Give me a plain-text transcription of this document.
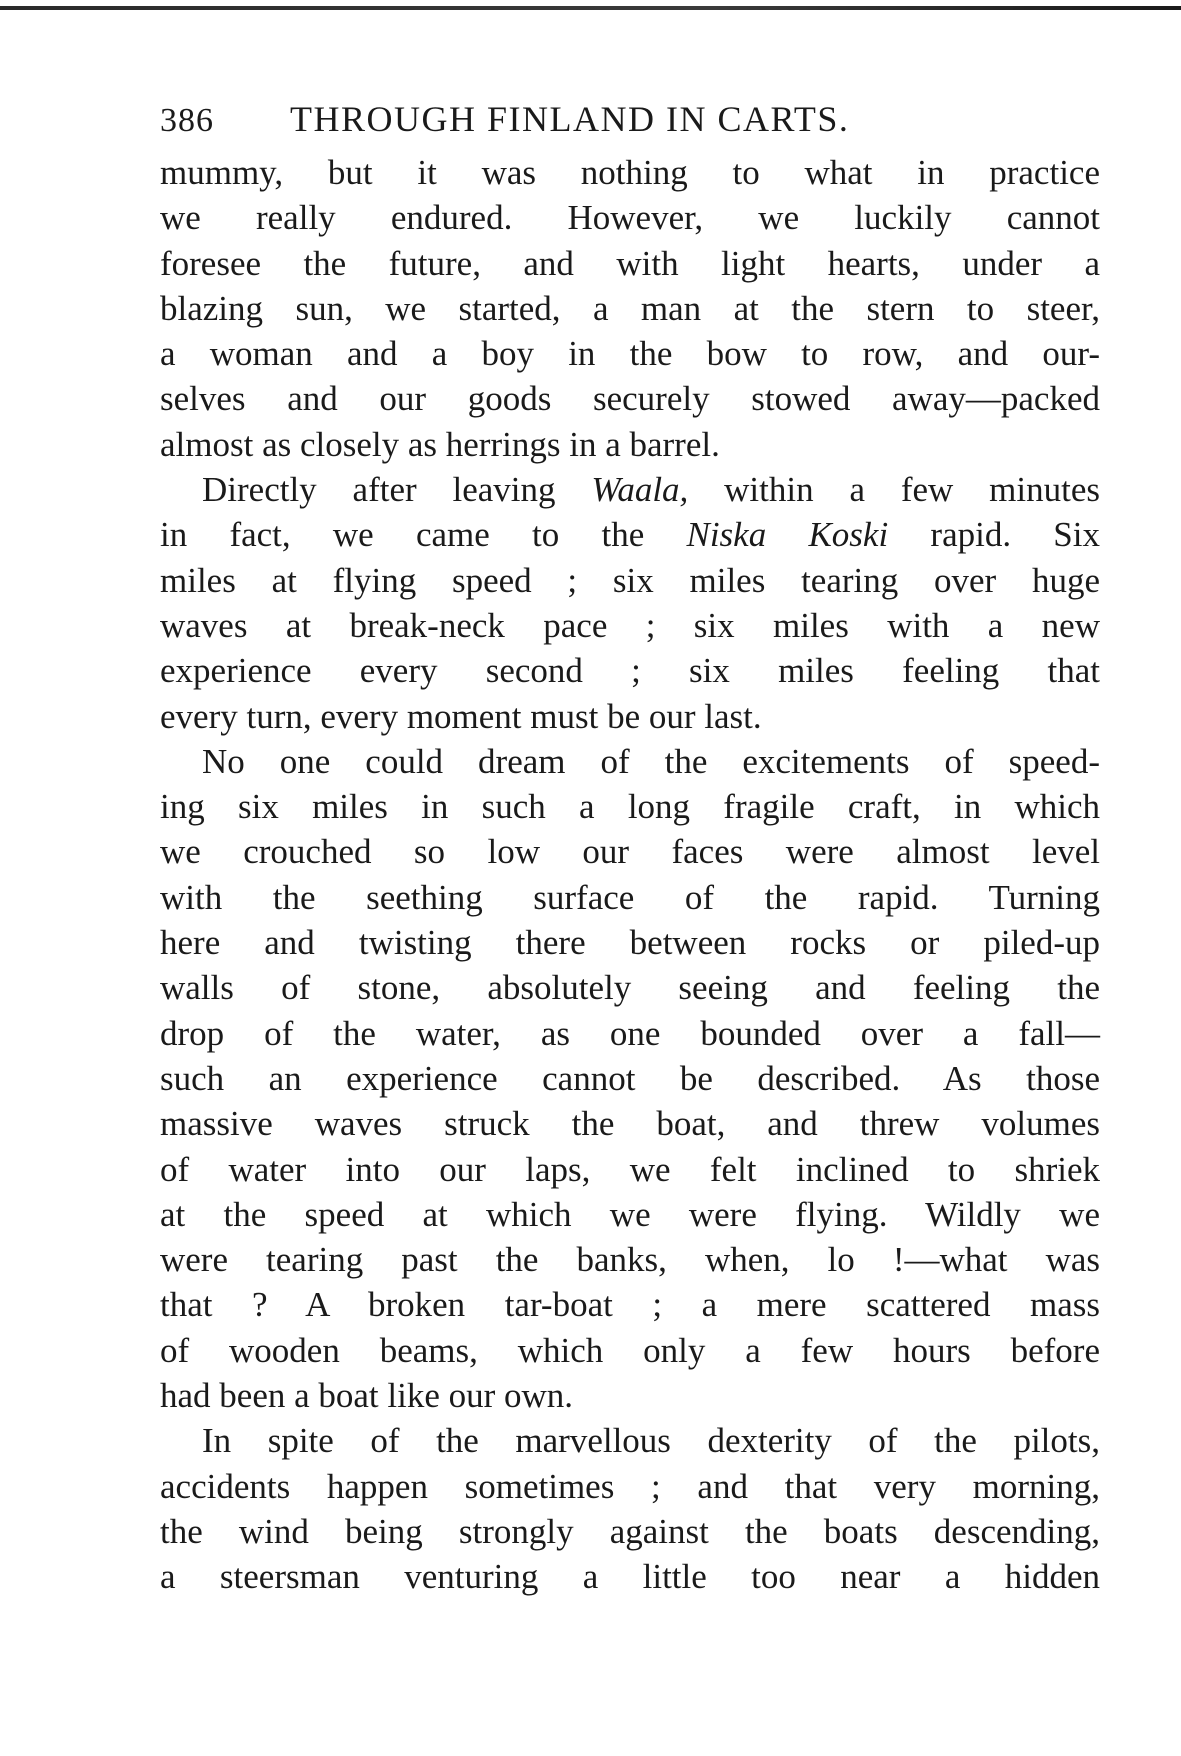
386	THROUGH FINLAND IN CARTS.
mummy, but it was nothing to what in practice
we really endured. However, we luckily cannot
foresee the future, and with light hearts, under a
blazing sun, we started, a man at the stern to steer,
a woman and a boy in the bow to row, and our-
selves and our goods securely stowed away—packed
almost as closely as herrings in a barrel.
Directly after leaving Waala, within a few minutes
in fact, we came to the Niska Koski rapid. Six
miles at flying speed ; six miles tearing over huge
waves at break-neck pace ; six miles with a new
experience every second ; six miles feeling that
every turn, every moment must be our last.
No one could dream of the excitements of speed-
ing six miles in such a long fragile craft, in which
we crouched so low our faces were almost level
with the seething surface of the rapid. Turning
here and twisting there between rocks or piled-up
walls of stone, absolutely seeing and feeling the
drop of the water, as one bounded over a fall—
such an experience cannot be described. As those
massive waves struck the boat, and threw volumes
of water into our laps, we felt inclined to shriek
at the speed at which we were flying. Wildly we
were tearing past the banks, when, lo !—what was
that ? A broken tar-boat ; a mere scattered mass
of wooden beams, which only a few hours before
had been a boat like our own.
In spite of the marvellous dexterity of the pilots,
accidents happen sometimes ; and that very morning,
the wind being strongly against the boats descending,
a steersman venturing a little too near a hidden
